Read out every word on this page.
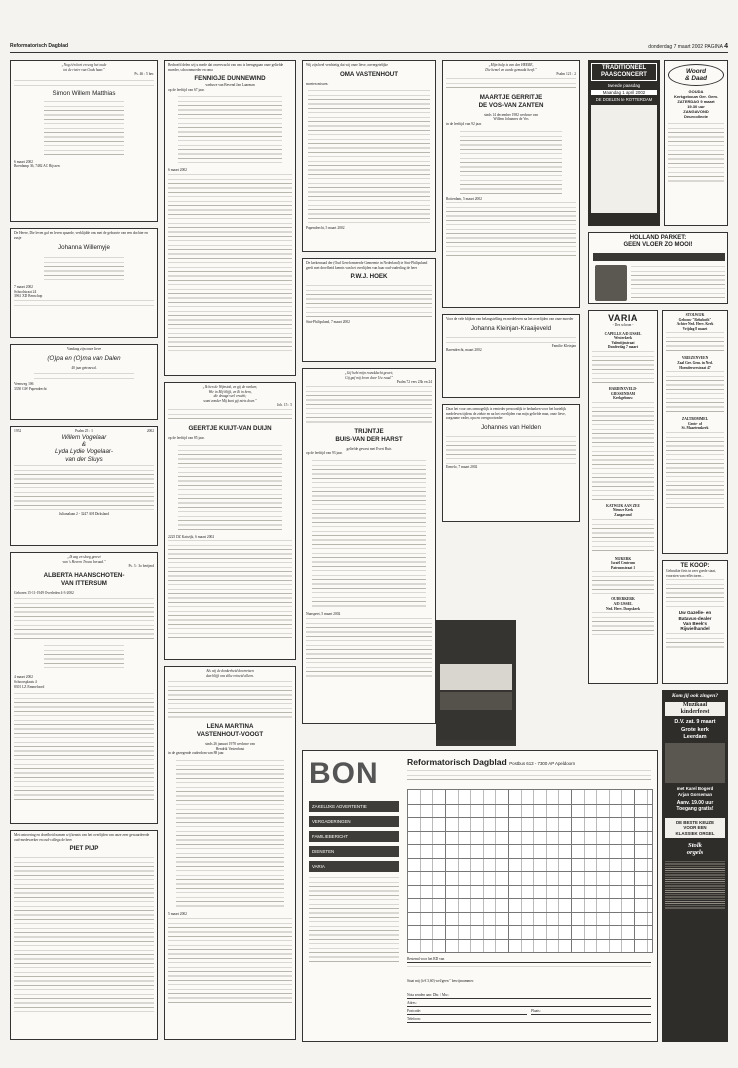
Reformatorisch Dagblad	donderdag 7 maart 2002 PAGINA 4
„Nog één kort en weg het oude
tot de rivier van Gods haar."
Ps. 46 : 5 ber.
Simon Willem Matthias
6 maart 2002
Boerdamp 36, 7482 AC Rijssen
De Heere, Die leven gaf en leven spaarde, verblijdde ons met de geboorte van een dochter en zusje
Johanna Willemyje
7 maart 2002
Schoolstraat 24
3961 XD Benschop
Vandaag zijn onze lieve
(O)pa en (O)ma van Dalen
40 jaar getrouwd.
Veenweg 106
3350 GW Papendrecht
1952	Psalm 25 : 1	2002
Willem Vogelaar
&
Lyda Lydie Vogelaar-
van der Sluys
Julianalaan 2 - 3247 AH Dirksland
„Ik zag en sloeg gereet
van 's Heeren Trouw beraad."
Ps. 3 : 3o berijmd
ALBERTA HAANSCHOTEN-
VAN ITTERSUM
Geboren 15-11-1949 Overleden 4-3-2002
4 maart 2002
Schoorsplaats 4
8301 LZ Emmeloord
Met ontroering en droefheid namen wij kennis van het overlijden van onze zeer gewaardeerde oud-medewerker en oud-collega de heer
PIET PIJP
Bedroefd delen wij u mede dat onverwacht van ons is heengegaan onze geliefde moeder, schoonmoeder en oma
FENNIGJE DUNNEWIND
weduwe van Bevend Jan Laarman
op de leeftijd van 67 jaar.
6 maart 2002
„Ik ben de Wijnstok, en gij de ranken;
Wie in Mij blijft, en Ik in hem,
die draagt veel vrucht;
want zonder Mij kunt gij niets doen."
Joh. 15 : 5
GEERTJE KUIJT-VAN DUIJN
op de leeftijd van 85 jaar.
2225 DZ Katwijk, 6 maart 2002
Als wij de donkerheid doorreizen
dan blijft ons slike reineid alleen.
LENA MARTINA
VASTENHOUT-VOOGT
sinds 26 januari 1978 weduwe van
Hendrik Vastenhout
in de gezegende ouderdom van 88 jaar.
5 maart 2002
Wij zijn heel verdrietig dat wij onze lieve, onvergetelijke
OMA VASTENHOUT
moeten missen.
Papendrecht, 5 maart 2002
De kerkenraad der (Oud Gereformeerde Gemeente in Nederland) te Sint-Philipsland geeft met droefheid kennis van het overlijden van haar oud-ouderling de heer
P.W.J. HOEK
Sint-Philipsland, 7 maart 2002
„Gij hebt mijn rouwklacht gewet;
Gij gaf mij leven door Uw raad."
Psalm 72 vers 23b en 24
TRIJNTJE
BUIS-VAN DER HARST
geliefde gewest met Evert Buis
op de leeftijd van 93 jaar.
Nunspeet, 5 maart 2002
„Mijn hulp is van den HEERE,
Die hemel en aarde gemaakt heeft."
Psalm 121 : 2
MAARTJE GERRITJE
DE VOS-VAN ZANTEN
sinds 14 december 1982 weduwe van
Willem Johannes de Vos
in de leeftijd van 92 jaar.
Rotterdam, 5 maart 2002
Voor de vele blijken van belangstelling en medeleven na het overlijden van onze moeder
Johanna Kleinjan-Kraaijeveld
Familie Kleinjan
Barendrecht, maart 2002
Daar het voor ons onmogelijk is eenieder persoonlijk te bedanken voor het hartelijk medeleven tijdens de ziekte en na het overlijden van mijn geliefde man, onze lieve, zorgzame vader, opa en overgrootvader
Johannes van Helden
Ermelo, 7 maart 2002
TRADITIONEEL
PAASCONCERT
tweede paasdag
Maandag 1 april 2002
DE DOELEN te ROTTERDAM
Woord
& Daad
GOUDA
Kerkgebouw Ger. Gem.
ZATERDAG 9 maart
19.30 uur
ZANGAVOND
Deurcollecte
HOLLAND PARKET:
GEEN VLOER ZO MOOI!
VARIA
- Des schoon -
CAPELLE A/D IJSSEL
Westerkerk
Valentijnstraat
Donderdag 7 maart
HARDINXVELD-
GIESSENDAM
Kerkgebouw
KATWIJK AAN ZEE
Nieuwe Kerk
Zangavond
NIJKERK
Israël Centrum
Patroonstraat 1
OUDERKERK
A/D IJSSEL
Ned. Herv. Dorpskerk
STOLWIJK
Gebouw "Rehoboth"
Achter Ned. Herv. Kerk
Vrijdag 8 maart
VRIEZENVEEN
Zaal Ger. Gem. in Ned.
Hoenderserstraat 47
ZALTBOMMEL
Grote- of
St. Maartenskerk
TE KOOP:
Gebruikte fiets in zeer goede staat, voorzien van reflectoren...
Uw Gazelle- en
Batavus-dealer
Van Beek's
Rijwielhandel
Kom jij ook zingen?
Muzikaal
kinderfeest
D.V. zat. 9 maart
Grote kerk
Leerdam
met Karel Bogerd
Arjan Gorseman
Aanv. 19.00 uur
Toegang gratis!
DE BESTE KEUZE
VOOR EEN
KLASSIEK ORGEL
Stolk
orgels
BON
ZAKELIJKE ADVERTENTIE
VERGADERINGEN
FAMILIEBERICHT
DIENSTEN
VARIA
Reformatorisch Dagblad Postbus 613 - 7300 AP Apeldoorn
Bestemd voor het RD van
Staat mij (à € 3,60) wel/geen " bewijsnummer.
Nota zenden aan: Dhr. / Mw.:
Adres:
Postcode:	Plaats:
Telefoon:
